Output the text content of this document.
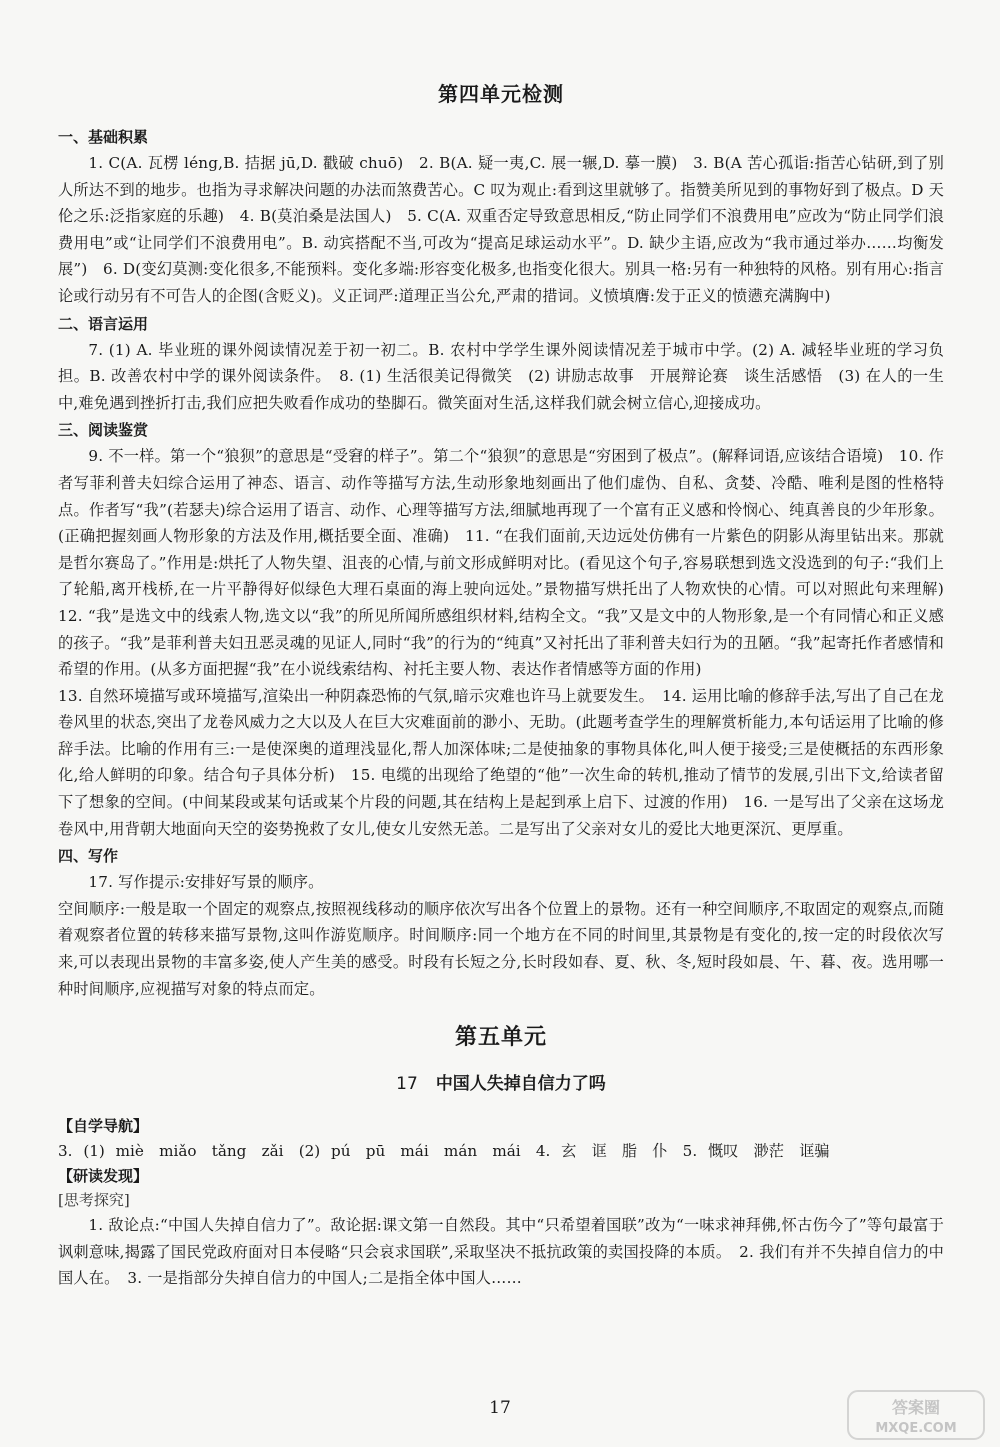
第四单元检测
一、基础积累

1. C(A. 瓦楞 léng,B. 拮据 jū,D. 戳破 chuō)　2. B(A. 疑一夷,C. 展一辗,D. 摹一膜)　3. B(A 苦心孤诣:指苦心钻研,到了别人所达不到的地步。也指为寻求解决问题的办法而煞费苦心。C 叹为观止:看到这里就够了。指赞美所见到的事物好到了极点。D 天伦之乐:泛指家庭的乐趣)　4. B(莫泊桑是法国人)　5. C(A. 双重否定导致意思相反,“防止同学们不浪费用电”应改为“防止同学们浪费用电”或“让同学们不浪费用电”。B. 动宾搭配不当,可改为“提高足球运动水平”。D. 缺少主语,应改为“我市通过举办……均衡发展”)　6. D(变幻莫测:变化很多,不能预料。变化多端:形容变化极多,也指变化很大。别具一格:另有一种独特的风格。别有用心:指言论或行动另有不可告人的企图(含贬义)。义正词严:道理正当公允,严肃的措词。义愤填膺:发于正义的愤懑充满胸中)

二、语言运用

7. (1) A. 毕业班的课外阅读情况差于初一初二。B. 农村中学学生课外阅读情况差于城市中学。(2) A. 减轻毕业班的学习负担。B. 改善农村中学的课外阅读条件。　8. (1) 生活很美记得微笑　(2) 讲励志故事　开展辩论赛　谈生活感悟　(3) 在人的一生中,难免遇到挫折打击,我们应把失败看作成功的垫脚石。微笑面对生活,这样我们就会树立信心,迎接成功。

三、阅读鉴赏

9. 不一样。第一个“狼狈”的意思是“受窘的样子”。第二个“狼狈”的意思是“穷困到了极点”。(解释词语,应该结合语境)　10. 作者写菲利普夫妇综合运用了神态、语言、动作等描写方法,生动形象地刻画出了他们虚伪、自私、贪婪、冷酷、唯利是图的性格特点。作者写“我”(若瑟夫)综合运用了语言、动作、心理等描写方法,细腻地再现了一个富有正义感和怜悯心、纯真善良的少年形象。(正确把握刻画人物形象的方法及作用,概括要全面、准确)　11. “在我们面前,天边远处仿佛有一片紫色的阴影从海里钻出来。那就是哲尔赛岛了。”作用是:烘托了人物失望、沮丧的心情,与前文形成鲜明对比。(看见这个句子,容易联想到选文没选到的句子:“我们上了轮船,离开栈桥,在一片平静得好似绿色大理石桌面的海上驶向远处。”景物描写烘托出了人物欢快的心情。可以对照此句来理解)　12. “我”是选文中的线索人物,选文以“我”的所见所闻所感组织材料,结构全文。“我”又是文中的人物形象,是一个有同情心和正义感的孩子。“我”是菲利普夫妇丑恶灵魂的见证人,同时“我”的行为的“纯真”又衬托出了菲利普夫妇行为的丑陋。“我”起寄托作者感情和希望的作用。(从多方面把握“我”在小说线索结构、衬托主要人物、表达作者情感等方面的作用)

13. 自然环境描写或环境描写,渲染出一种阴森恐怖的气氛,暗示灾难也许马上就要发生。　14. 运用比喻的修辞手法,写出了自己在龙卷风里的状态,突出了龙卷风威力之大以及人在巨大灾难面前的渺小、无助。(此题考查学生的理解赏析能力,本句话运用了比喻的修辞手法。比喻的作用有三:一是使深奥的道理浅显化,帮人加深体味;二是使抽象的事物具体化,叫人便于接受;三是使概括的东西形象化,给人鲜明的印象。结合句子具体分析)　15. 电缆的出现给了绝望的“他”一次生命的转机,推动了情节的发展,引出下文,给读者留下了想象的空间。(中间某段或某句话或某个片段的问题,其在结构上是起到承上启下、过渡的作用)　16. 一是写出了父亲在这场龙卷风中,用背朝大地面向天空的姿势挽救了女儿,使女儿安然无恙。二是写出了父亲对女儿的爱比大地更深沉、更厚重。

四、写作

17. 写作提示:安排好写景的顺序。

空间顺序:一般是取一个固定的观察点,按照视线移动的顺序依次写出各个位置上的景物。还有一种空间顺序,不取固定的观察点,而随着观察者位置的转移来描写景物,这叫作游览顺序。时间顺序:同一个地方在不同的时间里,其景物是有变化的,按一定的时段依次写来,可以表现出景物的丰富多姿,使人产生美的感受。时段有长短之分,长时段如春、夏、秋、冬,短时段如晨、午、暮、夜。选用哪一种时间顺序,应视描写对象的特点而定。

第五单元
17 中国人失掉自信力了吗
【自学导航】
3. (1) miè　miǎo　tǎng　zǎi　(2) pú　pū　mái　mán　mái　4. 玄　诓　脂　仆　5. 慨叹　渺茫　诓骗
【研读发现】
[思考探究]

1. 敌论点:“中国人失掉自信力了”。敌论据:课文第一自然段。其中“只希望着国联”改为“一味求神拜佛,怀古伤今了”等句最富于讽刺意味,揭露了国民党政府面对日本侵略“只会哀求国联”,采取坚决不抵抗政策的卖国投降的本质。　2. 我们有并不失掉自信力的中国人在。　3. 一是指部分失掉自信力的中国人;二是指全体中国人……

17	答案圈
MXQE.COM
